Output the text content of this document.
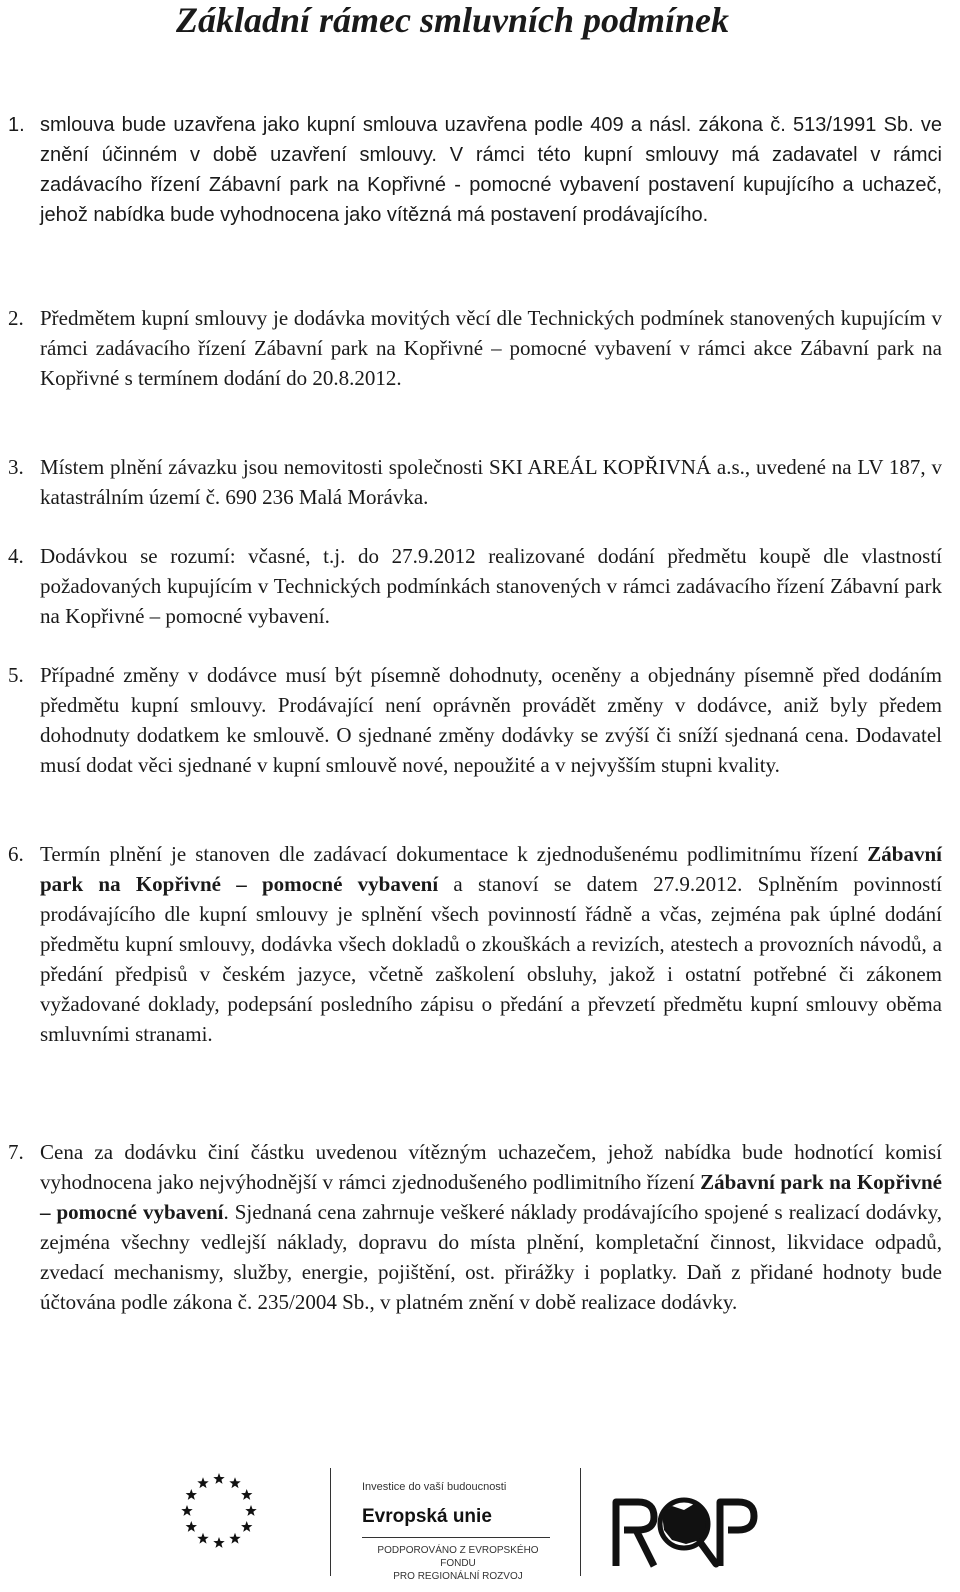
Základní rámec smluvních podmínek
1. smlouva bude uzavřena jako kupní smlouva uzavřena podle 409 a násl. zákona č. 513/1991 Sb. ve znění účinném v době uzavření smlouvy. V rámci této kupní smlouvy má zadavatel v rámci zadávacího řízení Zábavní park na Kopřivné - pomocné vybavení postavení kupujícího a uchazeč, jehož nabídka bude vyhodnocena jako vítězná má postavení prodávajícího.
2. Předmětem kupní smlouvy je dodávka movitých věcí dle Technických podmínek stanovených kupujícím v rámci zadávacího řízení Zábavní park na Kopřivné – pomocné vybavení v rámci akce Zábavní park na Kopřivné s termínem dodání do 20.8.2012.
3. Místem plnění závazku jsou nemovitosti společnosti SKI AREÁL KOPŘIVNÁ a.s., uvedené na LV 187, v katastrálním území č. 690 236 Malá Morávka.
4. Dodávkou se rozumí: včasné, t.j. do 27.9.2012 realizované dodání předmětu koupě dle vlastností požadovaných kupujícím v Technických podmínkách stanovených v rámci zadávacího řízení Zábavní park na Kopřivné – pomocné vybavení.
5. Případné změny v dodávce musí být písemně dohodnuty, oceněny a objednány písemně před dodáním předmětu kupní smlouvy. Prodávající není oprávněn provádět změny v dodávce, aniž byly předem dohodnuty dodatkem ke smlouvě. O sjednané změny dodávky se zvýší či sníží sjednaná cena. Dodavatel musí dodat věci sjednané v kupní smlouvě nové, nepoužité a v nejvyšším stupni kvality.
6. Termín plnění je stanoven dle zadávací dokumentace k zjednodušenému podlimitnímu řízení Zábavní park na Kopřivné – pomocné vybavení a stanoví se datem 27.9.2012. Splněním povinností prodávajícího dle kupní smlouvy je splnění všech povinností řádně a včas, zejména pak úplné dodání předmětu kupní smlouvy, dodávka všech dokladů o zkouškách a revizích, atestech a provozních návodů, a předání předpisů v českém jazyce, včetně zaškolení obsluhy, jakož i ostatní potřebné či zákonem vyžadované doklady, podepsání posledního zápisu o předání a převzetí předmětu kupní smlouvy oběma smluvními stranami.
7. Cena za dodávku činí částku uvedenou vítězným uchazečem, jehož nabídka bude hodnotící komisí vyhodnocena jako nejvýhodnější v rámci zjednodušeného podlimitního řízení Zábavní park na Kopřivné – pomocné vybavení. Sjednaná cena zahrnuje veškeré náklady prodávajícího spojené s realizací dodávky, zejména všechny vedlejší náklady, dopravu do místa plnění, kompletační činnost, likvidace odpadů, zvedací mechanismy, služby, energie, pojištění, ost. přirážky i poplatky. Daň z přidané hodnoty bude účtována podle zákona č. 235/2004 Sb., v platném znění v době realizace dodávky.
Investice do vaší budoucnosti
Evropská unie
PODPOROVÁNO Z EVROPSKÉHO FONDU
PRO REGIONÁLNÍ ROZVOJ
